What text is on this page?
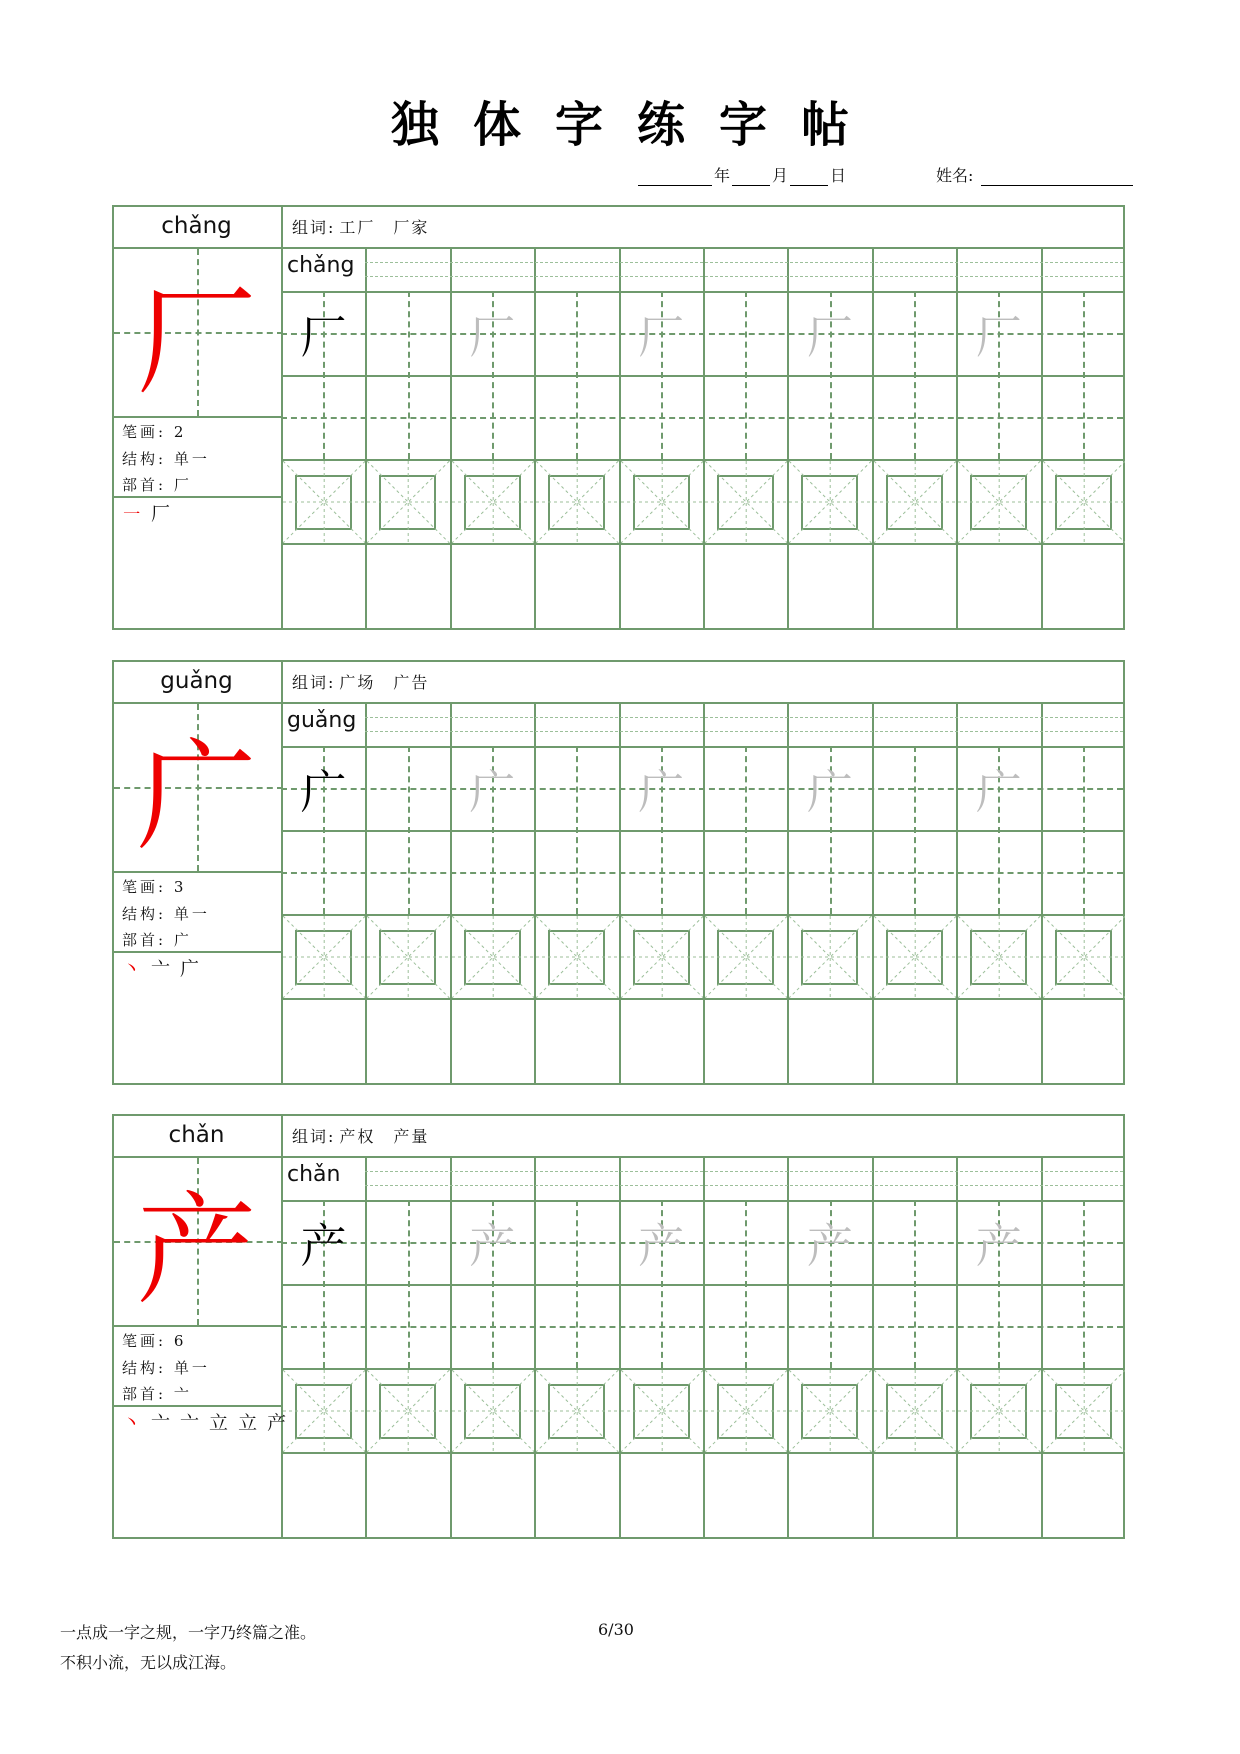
独体字练字帖
年	月	日	姓名:
chǎng	组词: 工厂 厂家
厂
笔画: 2
结构: 单一
部首: 厂
㇐ 厂
chǎng
厂	厂	厂	厂	厂
guǎng	组词: 广场 广告
广
笔画: 3
结构: 单一
部首: 广
丶 亠 广
guǎng
广	广	广	广	广
chǎn	组词: 产权 产量
产
笔画: 6
结构: 单一
部首: 亠
丶 亠 亠 立 立 产
chǎn
产	产	产	产	产
一点成一字之规，一字乃终篇之准。
不积小流，无以成江海。
6/30
